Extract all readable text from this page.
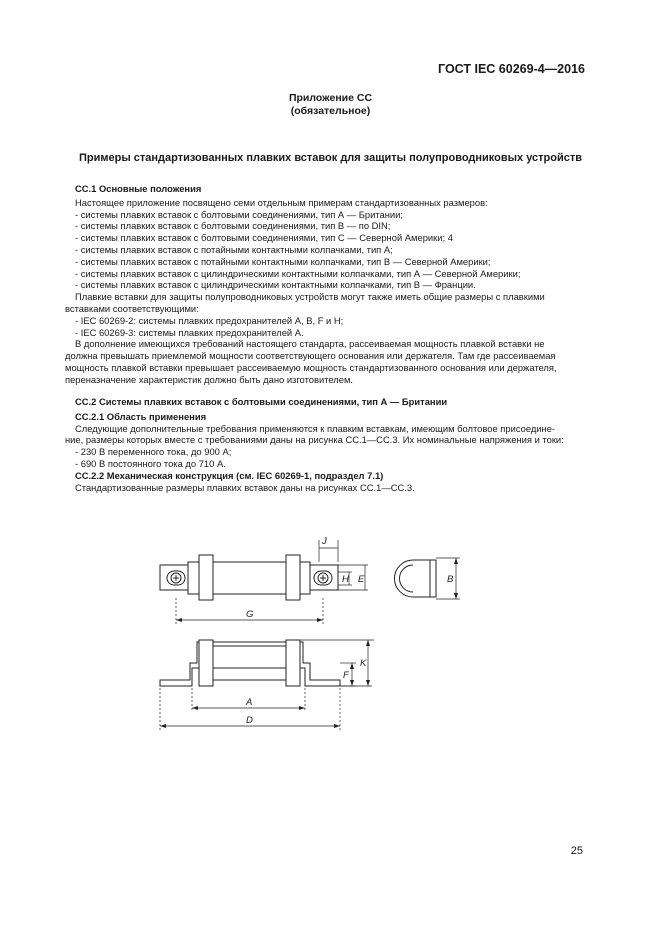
ГОСТ IEC 60269-4—2016
Приложение СС
(обязательное)
Примеры стандартизованных плавких вставок для защиты полупроводниковых устройств
СС.1 Основные положения
Настоящее приложение посвящено семи отдельным примерам стандартизованных размеров:
- системы плавких вставок с болтовыми соединениями, тип А — Британии;
- системы плавких вставок с болтовыми соединениями, тип В — по DIN;
- системы плавких вставок с болтовыми соединениями, тип С — Северной Америки; 4
- системы плавких вставок с потайными контактными колпачками, тип А;
- системы плавких вставок с потайными контактными колпачками, тип В — Северной Америки;
- системы плавких вставок с цилиндрическими контактными колпачками, тип А — Северной Америки;
- системы плавких вставок с цилиндрическими контактными колпачками, тип В — Франции.
Плавкие вставки для защиты полупроводниковых устройств могут также иметь общие размеры с плавкими
вставками соответствующими:
- IEC 60269-2: системы плавких предохранителей А, В, F и Н;
- IEC 60269-3: системы плавких предохранителей А.
В дополнение имеющихся требований настоящего стандарта, рассеиваемая мощность плавкой вставки не
должна превышать приемлемой мощности соответствующего основания или держателя. Там где рассеиваемая
мощность плавкой вставки превышает рассеиваемую мощность стандартизованного основания или держателя,
переназначение характеристик должно быть дано изготовителем.
СС.2 Системы плавких вставок с болтовыми соединениями, тип А — Британии
СС.2.1 Область применения
Следующие дополнительные требования применяются к плавким вставкам, имеющим болтовое присоедине-
ние, размеры которых вместе с требованиями даны на рисунка СС.1—СС.3. Их номинальные напряжения и токи:
- 230 В переменного тока, до 900 А;
- 690 В постоянного тока до 710 А.
СС.2.2 Механическая конструкция (см. IEC 60269-1, подраздел 7.1)
Стандартизованные размеры плавких вставок даны на рисунках СС.1—СС.3.
J
H E	B
G
F
K
A
D
25
